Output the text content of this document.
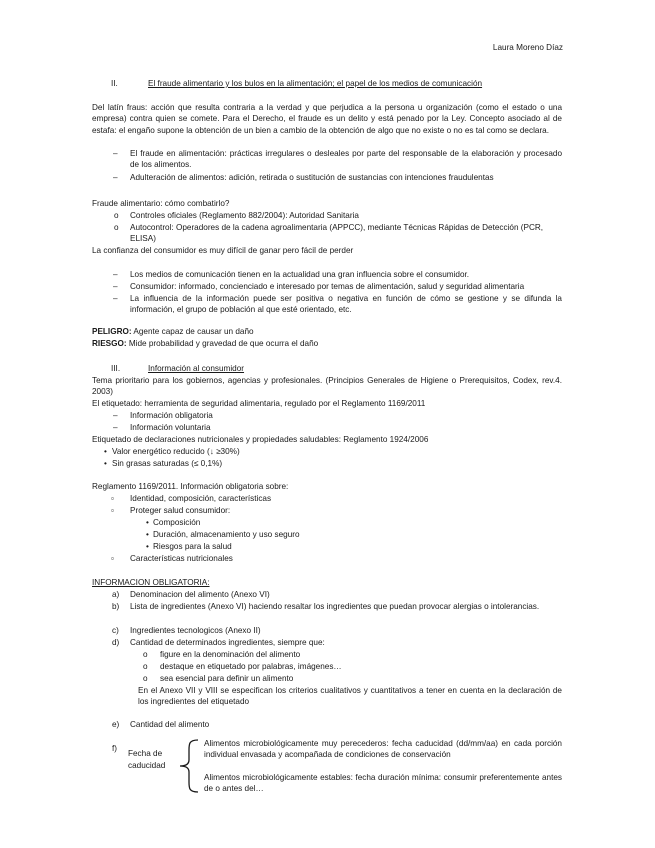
Laura Moreno Díaz
II.	El fraude alimentario y los bulos en la alimentación; el papel de los medios de comunicación
Del latín fraus: acción que resulta contraria a la verdad y que perjudica a la persona u organización (como el estado o una empresa) contra quien se comete. Para el Derecho, el fraude es un delito y está penado por la Ley. Concepto asociado al de estafa: el engaño supone la obtención de un bien a cambio de la obtención de algo que no existe o no es tal como se declara.
– El fraude en alimentación: prácticas irregulares o desleales por parte del responsable de la elaboración y procesado de los alimentos.
– Adulteración de alimentos: adición, retirada o sustitución de sustancias con intenciones fraudulentas
Fraude alimentario: cómo combatirlo?
o Controles oficiales (Reglamento 882/2004): Autoridad Sanitaria
o Autocontrol: Operadores de la cadena agroalimentaria (APPCC), mediante Técnicas Rápidas de Detección (PCR, ELISA)
La confianza del consumidor es muy difícil de ganar pero fácil de perder
– Los medios de comunicación tienen en la actualidad una gran influencia sobre el consumidor.
– Consumidor: informado, concienciado e interesado por temas de alimentación, salud y seguridad alimentaria
– La influencia de la información puede ser positiva o negativa en función de cómo se gestione y se difunda la información, el grupo de población al que esté orientado, etc.
PELIGRO: Agente capaz de causar un daño
RIESGO: Mide probabilidad y gravedad de que ocurra el daño
III.	Información al consumidor
Tema prioritario para los gobiernos, agencias y profesionales. (Principios Generales de Higiene o Prerequisitos, Codex, rev.4. 2003)
El etiquetado: herramienta de seguridad alimentaria, regulado por el Reglamento 1169/2011
– Información obligatoria
– Información voluntaria
Etiquetado de declaraciones nutricionales y propiedades saludables: Reglamento 1924/2006
• Valor energético reducido (↓ ≥30%)
• Sin grasas saturadas (≤ 0,1%)
Reglamento 1169/2011. Información obligatoria sobre:
▫ Identidad, composición, características
▫ Proteger salud consumidor:
• Composición
• Duración, almacenamiento y uso seguro
• Riesgos para la salud
▫ Características nutricionales
INFORMACION OBLIGATORIA:
a) Denominacion del alimento (Anexo VI)
b) Lista de ingredientes (Anexo VI) haciendo resaltar los ingredientes que puedan provocar alergias o intolerancias.
c) Ingredientes tecnologicos (Anexo II)
d) Cantidad de determinados ingredientes, siempre que:
o figure en la denominación del alimento
o destaque en etiquetado por palabras, imágenes…
o sea esencial para definir un alimento
En el Anexo VII y VIII se especifican los criterios cualitativos y cuantitativos a tener en cuenta en la declaración de los ingredientes del etiquetado
e) Cantidad del alimento
f)
Fecha de
caducidad
Alimentos microbiológicamente muy perecederos: fecha caducidad (dd/mm/aa) en cada porción individual envasada y acompañada de condiciones de conservación
Alimentos microbiológicamente estables: fecha duración mínima: consumir preferentemente antes de o antes del…
